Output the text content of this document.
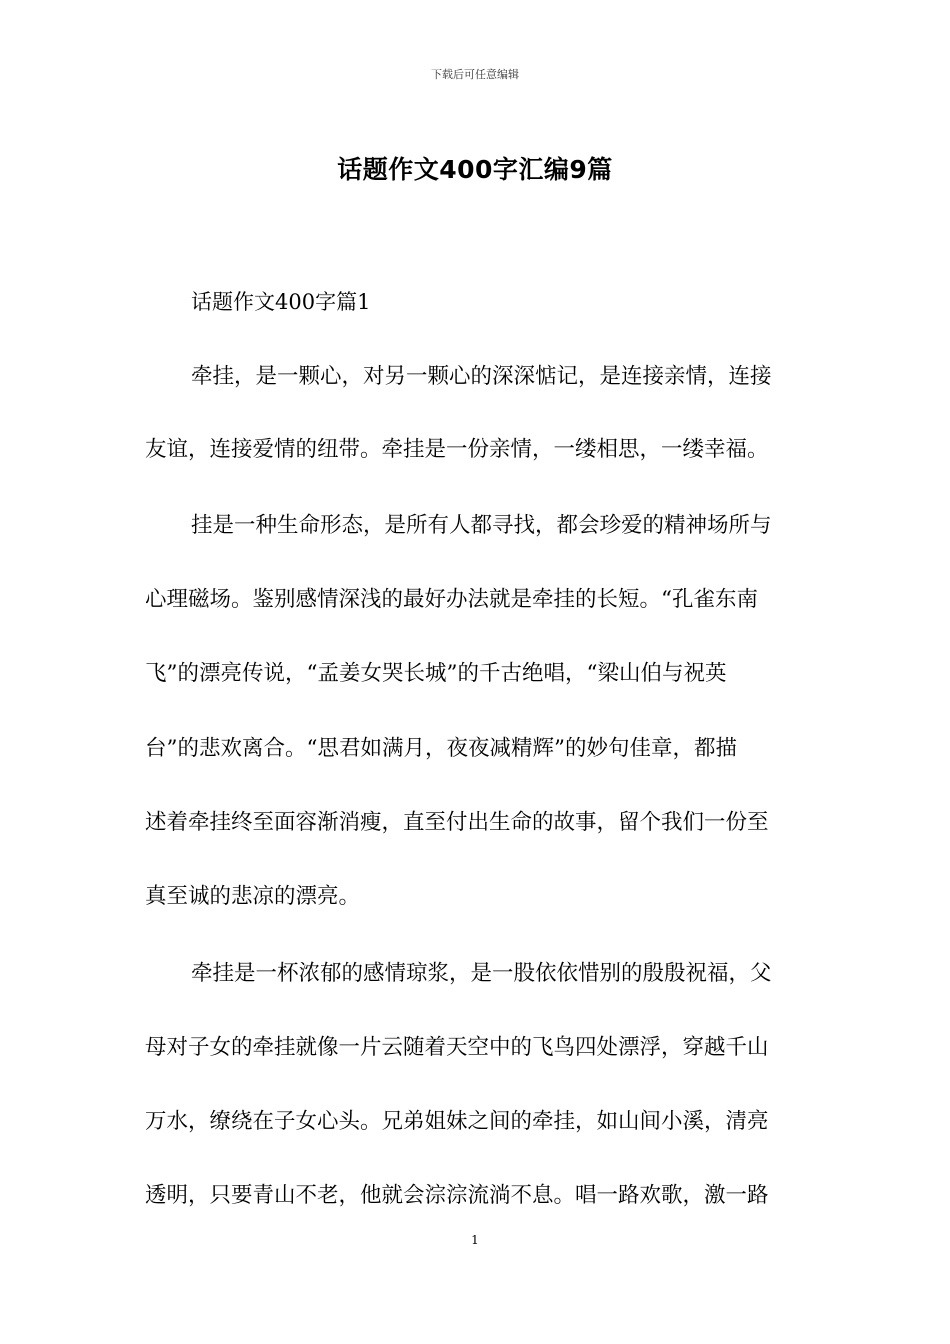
下载后可任意编辑
话题作文400字汇编9篇
话题作文400字篇1
牵挂，是一颗心，对另一颗心的深深惦记，是连接亲情，连接
友谊，连接爱情的纽带。牵挂是一份亲情，一缕相思，一缕幸福。
挂是一种生命形态，是所有人都寻找，都会珍爱的精神场所与
心理磁场。鉴别感情深浅的最好办法就是牵挂的长短。“孔雀东南
飞”的漂亮传说，“孟姜女哭长城”的千古绝唱，“梁山伯与祝英
台”的悲欢离合。“思君如满月，夜夜减精辉”的妙句佳章，都描
述着牵挂终至面容渐消瘦，直至付出生命的故事，留个我们一份至
真至诚的悲凉的漂亮。
牵挂是一杯浓郁的感情琼浆，是一股依依惜别的殷殷祝福，父
母对子女的牵挂就像一片云随着天空中的飞鸟四处漂浮，穿越千山
万水，缭绕在子女心头。兄弟姐妹之间的牵挂，如山间小溪，清亮
透明，只要青山不老，他就会淙淙流淌不息。唱一路欢歌，激一路
1
